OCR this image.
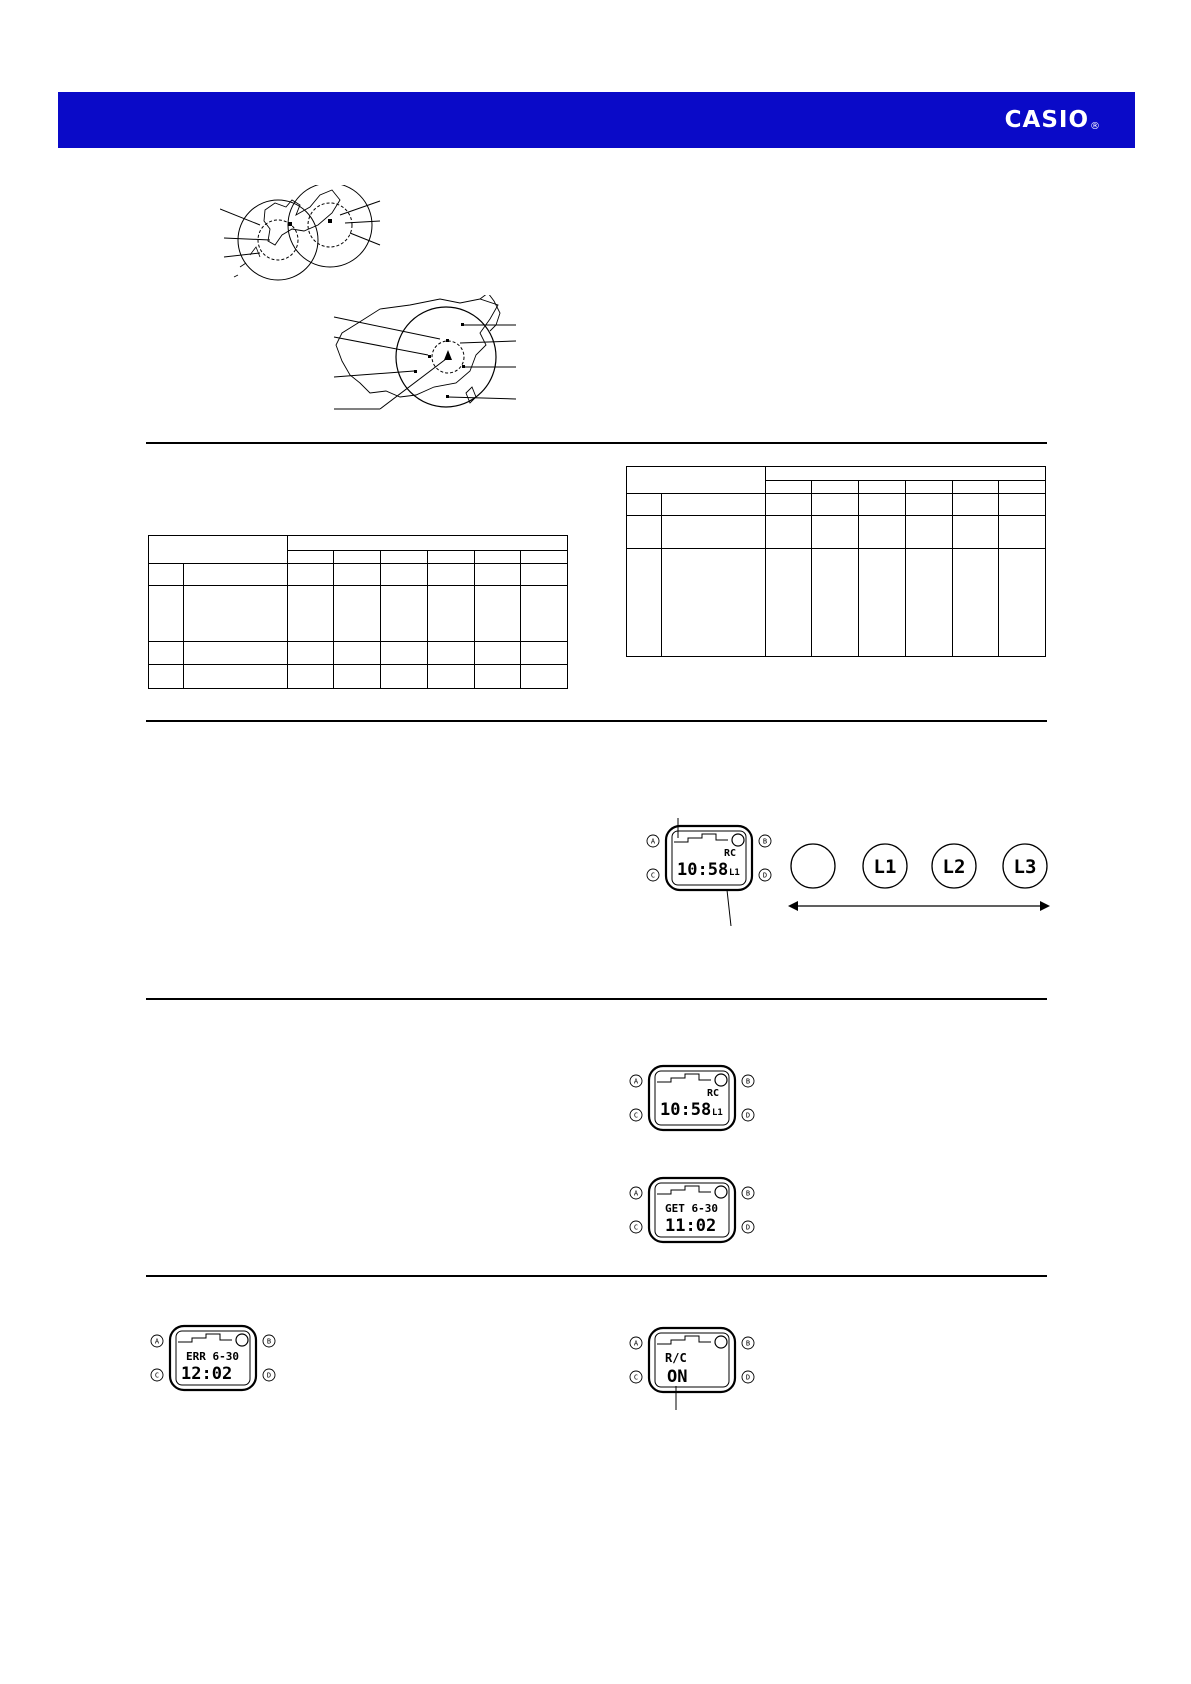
CASIO®

RC
10:58 L1
A	B
C	D	L1 L2	L3
RC
10:58 L1
A	B
C	D
GET 6-30
11:02
A	B
C	D
ERR 6-30
12:02
A	B
C	D
R/C
ON
A	B
C	D
